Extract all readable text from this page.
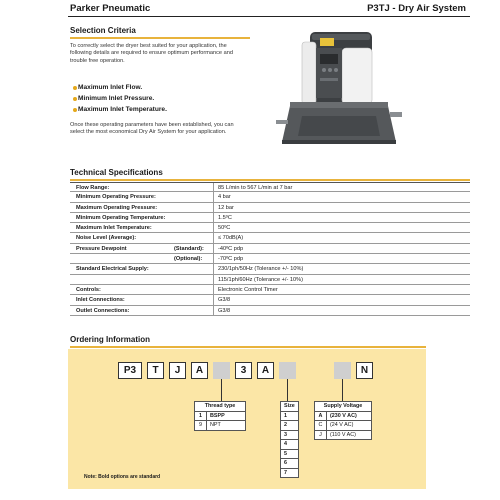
Parker Pneumatic	P3TJ - Dry Air System
Selection Criteria
To correctly select the dryer best suited for your application, the following details are required to ensure optimum performance and trouble free operation.
Maximum Inlet Flow.
Minimum Inlet Pressure.
Maximum Inlet Temperature.
Once these operating parameters have been established, you can select the most economical Dry Air System for your application.
Technical Specifications
Flow Range:	85 L/min to 567 L/min at 7 bar
Minimum Operating Pressure:	4 bar
Maximum Operating Pressure:	12 bar
Minimum Operating Temperature:	1.5ºC
Maximum Inlet Temperature:	50ºC
Noise Level (Average):	≤ 70dB(A)
Pressure Dewpoint	(Standard):	-40ºC pdp
(Optional):	-70ºC pdp
Standard Electrical Supply:	230/1ph/50Hz (Tolerance +/- 10%)
115/1ph/60Hz (Tolerance +/- 10%)
Controls:	Electronic Control Timer
Inlet Connections:	G3/8
Outlet Connections:	G3/8
Ordering Information
P3	T	J	A	3	A	N
Thread type	
1	BSPP
9	NPT
Size
1
2
3
4
5
6
7
Supply Voltage	
A	(230 V AC)
C	(24 V AC)
J	(110 V AC)
Note: Bold options are standard
